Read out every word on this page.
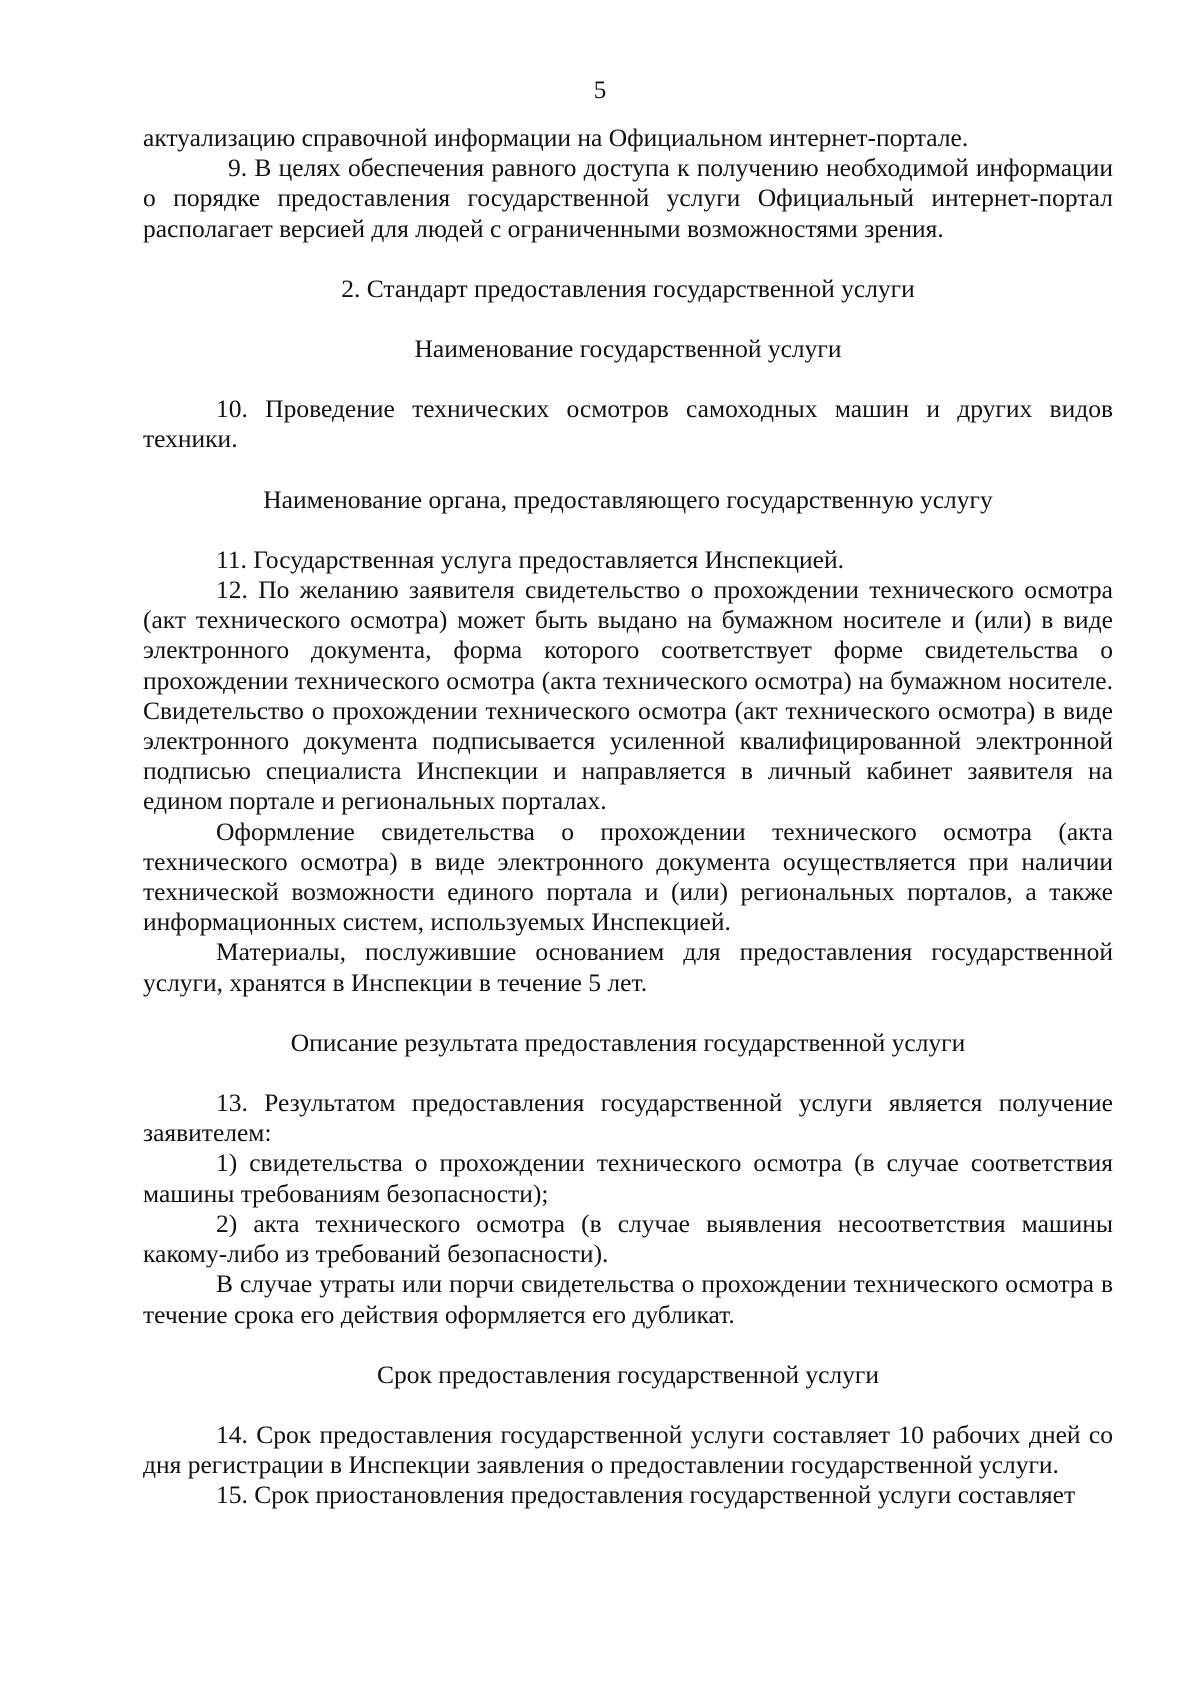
5

актуализацию справочной информации на Официальном интернет-портале.

9. В целях обеспечения равного доступа к получению необходимой информации о порядке предоставления государственной услуги Официальный интернет-портал располагает версией для людей с ограниченными возможностями зрения.

2. Стандарт предоставления государственной услуги

Наименование государственной услуги

10. Проведение технических осмотров самоходных машин и других видов техники.

Наименование органа, предоставляющего государственную услугу

11. Государственная услуга предоставляется Инспекцией.

12. По желанию заявителя свидетельство о прохождении технического осмотра (акт технического осмотра) может быть выдано на бумажном носителе и (или) в виде электронного документа, форма которого соответствует форме свидетельства о прохождении технического осмотра (акта технического осмотра) на бумажном носителе. Свидетельство о прохождении технического осмотра (акт технического осмотра) в виде электронного документа подписывается усиленной квалифицированной электронной подписью специалиста Инспекции и направляется в личный кабинет заявителя на едином портале и региональных порталах.

Оформление свидетельства о прохождении технического осмотра (акта технического осмотра) в виде электронного документа осуществляется при наличии технической возможности единого портала и (или) региональных порталов, а также информационных систем, используемых Инспекцией.

Материалы, послужившие основанием для предоставления государственной услуги, хранятся в Инспекции в течение 5 лет.

Описание результата предоставления государственной услуги

13. Результатом предоставления государственной услуги является получение заявителем:

1) свидетельства о прохождении технического осмотра (в случае соответствия машины требованиям безопасности);

2) акта технического осмотра (в случае выявления несоответствия машины какому-либо из требований безопасности).

В случае утраты или порчи свидетельства о прохождении технического осмотра в течение срока его действия оформляется его дубликат.

Срок предоставления государственной услуги

14. Срок предоставления государственной услуги составляет 10 рабочих дней со дня регистрации в Инспекции заявления о предоставлении государственной услуги.

15. Срок приостановления предоставления государственной услуги составляет
